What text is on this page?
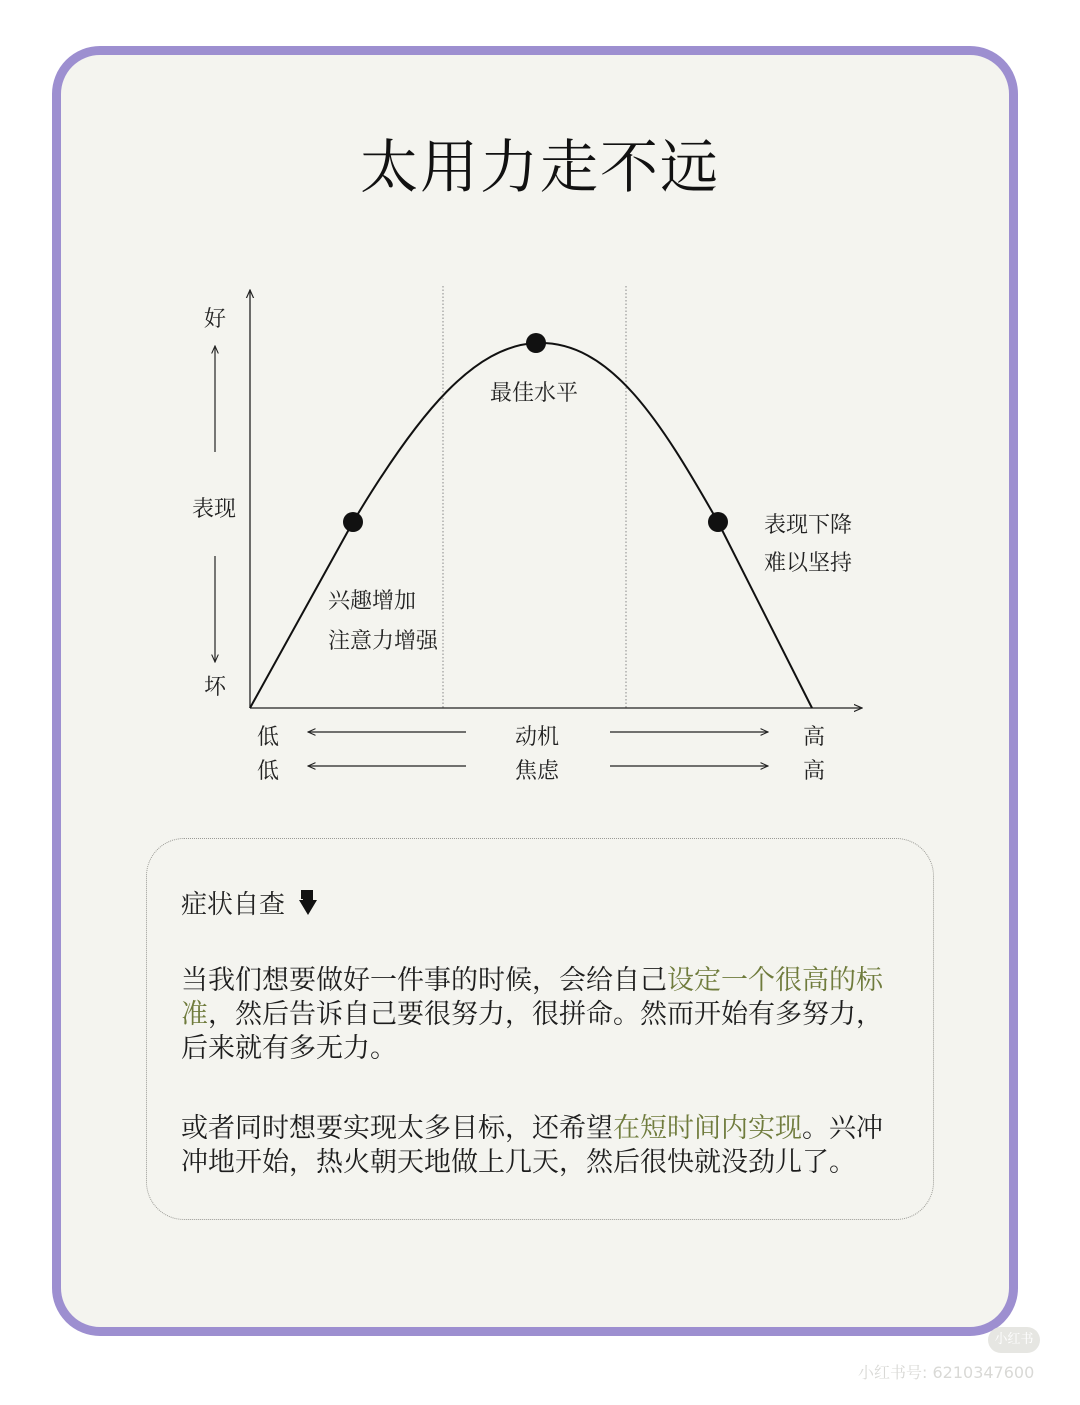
太用力走不远
好
表现
坏
最佳水平
兴趣增加
注意力增强
表现下降
难以坚持
低	动机	高
低	焦虑	高
症状自查
当我们想要做好一件事的时候，会给自己设定一个很高的标准，然后告诉自己要很努力，很拼命。然而开始有多努力，后来就有多无力。
或者同时想要实现太多目标，还希望在短时间内实现。兴冲冲地开始，热火朝天地做上几天，然后很快就没劲儿了。
小红书
小红书号: 6210347600
